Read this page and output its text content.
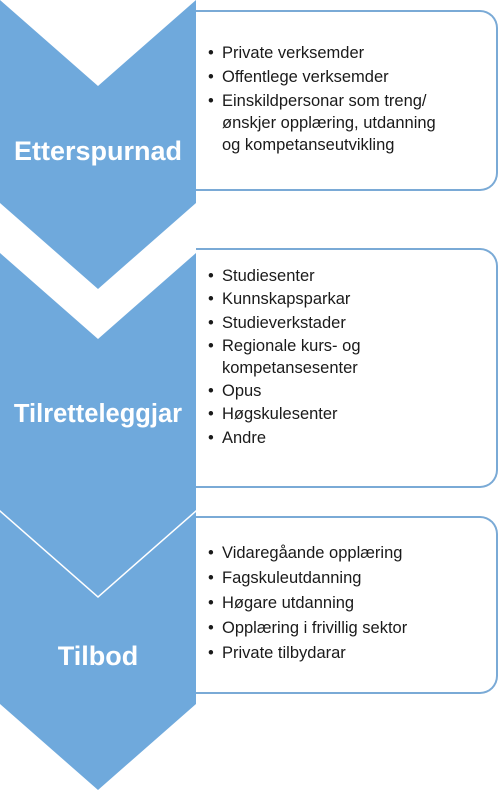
Etterspurnad
Tilretteleggjar
Tilbod
• Private verksemder
• Offentlege verksemder
• Einskildpersonar som treng/
ønskjer opplæring, utdanning
og kompetanseutvikling
• Studiesenter
• Kunnskapsparkar
• Studieverkstader
• Regionale kurs- og
kompetansesenter
• Opus
• Høgskulesenter
• Andre
• Vidaregåande opplæring
• Fagskuleutdanning
• Høgare utdanning
• Opplæring i frivillig sektor
• Private tilbydarar
